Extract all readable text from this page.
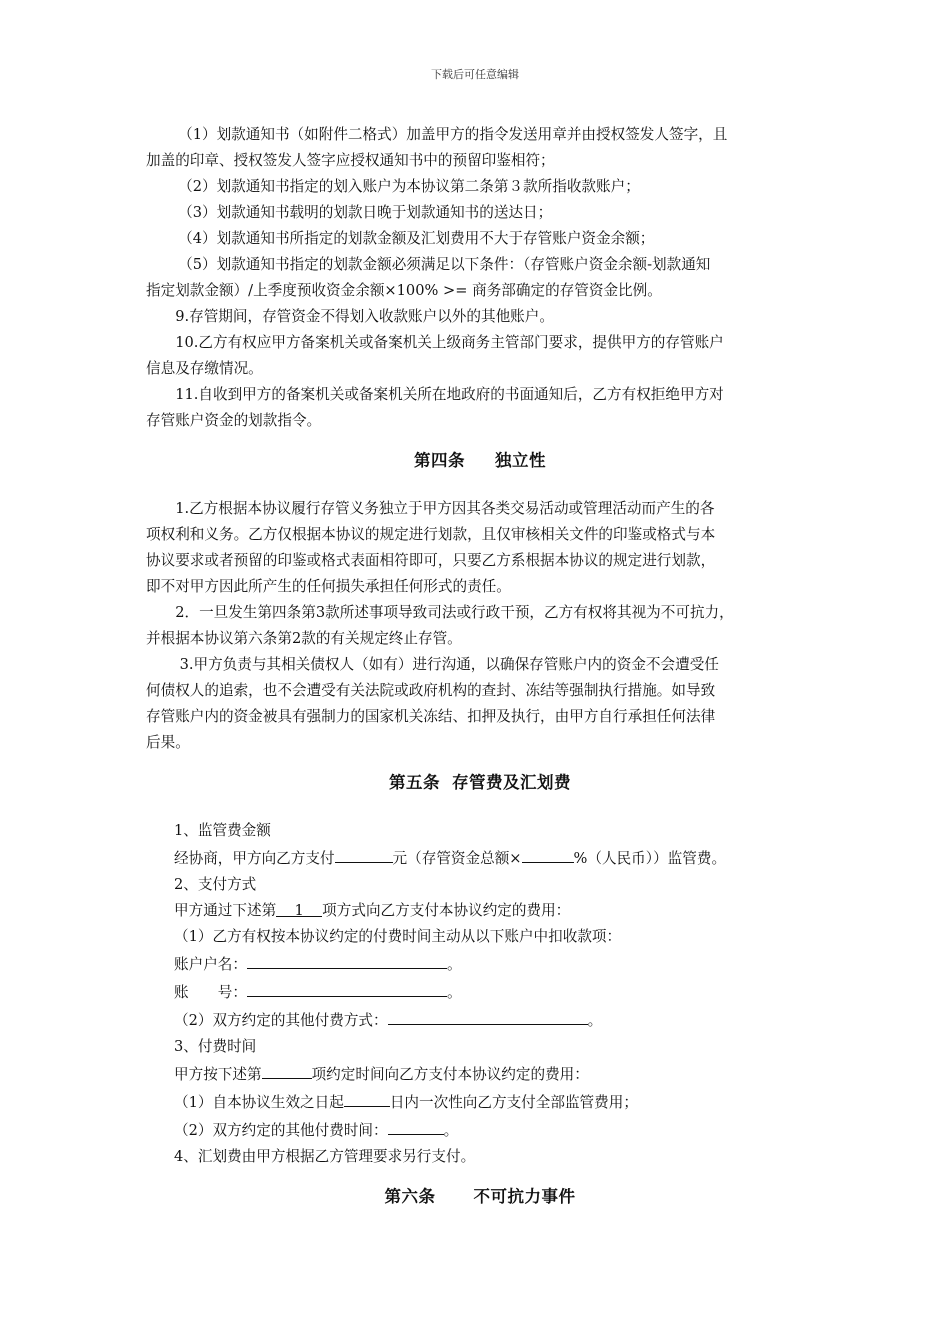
下载后可任意编辑

（1）划款通知书（如附件二格式）加盖甲方的指令发送用章并由授权签发人签字，且

加盖的印章、授权签发人签字应授权通知书中的预留印鉴相符；

（2）划款通知书指定的划入账户为本协议第二条第３款所指收款账户；

（3）划款通知书载明的划款日晚于划款通知书的送达日；

（4）划款通知书所指定的划款金额及汇划费用不大于存管账户资金余额；

（5）划款通知书指定的划款金额必须满足以下条件：（存管账户资金余额-划款通知

指定划款金额）/上季度预收资金余额×100% >= 商务部确定的存管资金比例。

9.存管期间，存管资金不得划入收款账户以外的其他账户。

10.乙方有权应甲方备案机关或备案机关上级商务主管部门要求，提供甲方的存管账户

信息及存缴情况。

11.自收到甲方的备案机关或备案机关所在地政府的书面通知后，乙方有权拒绝甲方对

存管账户资金的划款指令。

第四条 独立性

1.乙方根据本协议履行存管义务独立于甲方因其各类交易活动或管理活动而产生的各

项权利和义务。乙方仅根据本协议的规定进行划款，且仅审核相关文件的印鉴或格式与本

协议要求或者预留的印鉴或格式表面相符即可，只要乙方系根据本协议的规定进行划款，

即不对甲方因此所产生的任何损失承担任何形式的责任。

2．一旦发生第四条第3款所述事项导致司法或行政干预，乙方有权将其视为不可抗力，

并根据本协议第六条第2款的有关规定终止存管。

3.甲方负责与其相关债权人（如有）进行沟通，以确保存管账户内的资金不会遭受任

何债权人的追索，也不会遭受有关法院或政府机构的查封、冻结等强制执行措施。如导致

存管账户内的资金被具有强制力的国家机关冻结、扣押及执行，由甲方自行承担任何法律

后果。

第五条 存管费及汇划费

1、监管费金额

经协商，甲方向乙方支付	元（存管资金总额×	%（人民币））监管费。

2、支付方式

甲方通过下述第 1 项方式向乙方支付本协议约定的费用：

（1）乙方有权按本协议约定的付费时间主动从以下账户中扣收款项：

账户户名：	。

账　　号：	。

（2）双方约定的其他付费方式：	。

3、付费时间

甲方按下述第	项约定时间向乙方支付本协议约定的费用：

（1）自本协议生效之日起	日内一次性向乙方支付全部监管费用；

（2）双方约定的其他付费时间：	。

4、汇划费由甲方根据乙方管理要求另行支付。

第六条 不可抗力事件
